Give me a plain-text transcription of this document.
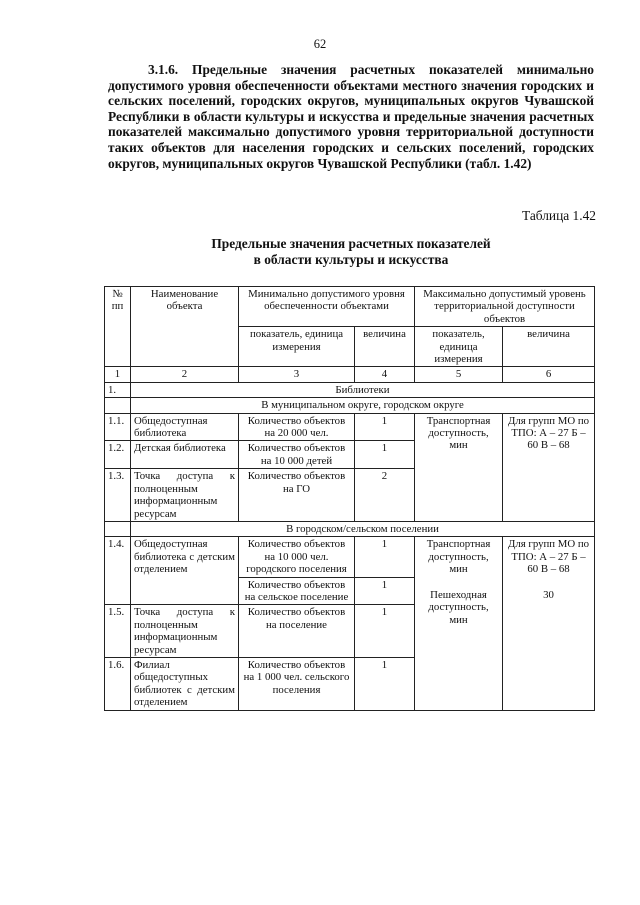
62

3.1.6. Предельные значения расчетных показателей минимально допустимого уровня обеспеченности объектами местного значения городских и сельских поселений, городских округов, муниципальных округов Чувашской Республики в области культуры и искусства и предельные значения расчетных показателей максимально допустимого уровня территориальной доступности таких объектов для населения городских и сельских поселений, городских округов, муниципальных округов Чувашской Республики (табл. 1.42)

Таблица 1.42
Предельные значения расчетных показателей
в области культуры и искусства
№ пп	Наименование объекта	Минимально допустимого уровня обеспеченности объектами		Максимально допустимый уровень территориальной доступности объектов	
		показатель, единица измерения	величина	показатель, единица измерения	величина
1	2	3	4	5	6
1.	Библиотеки				
	В муниципальном округе, городском округе				
1.1.	Общедоступная библиотека	Количество объектов на 20 000 чел.	1	Транспортная доступность, мин	Для групп МО по ТПО: А – 27 Б – 60 В – 68
1.2.	Детская библиотека	Количество объектов на 10 000 детей	1		
1.3.	Точка доступа к полноценным информационным ресурсам	Количество объектов на ГО	2		
	В городском/сельском поселении				
1.4.	Общедоступная библиотека с детским отделением	Количество объектов на 10 000 чел. городского поселения	1	Транспортная доступность, мин	Для групп МО по ТПО: А – 27 Б – 60 В – 68
		Количество объектов на сельское поселение	1	Пешеходная доступность, мин	30
1.5.	Точка доступа к полноценным информационным ресурсам	Количество объектов на поселение	1		
1.6.	Филиал общедоступных библиотек с детским отделением	Количество объектов на 1 000 чел. сельского поселения	1		
